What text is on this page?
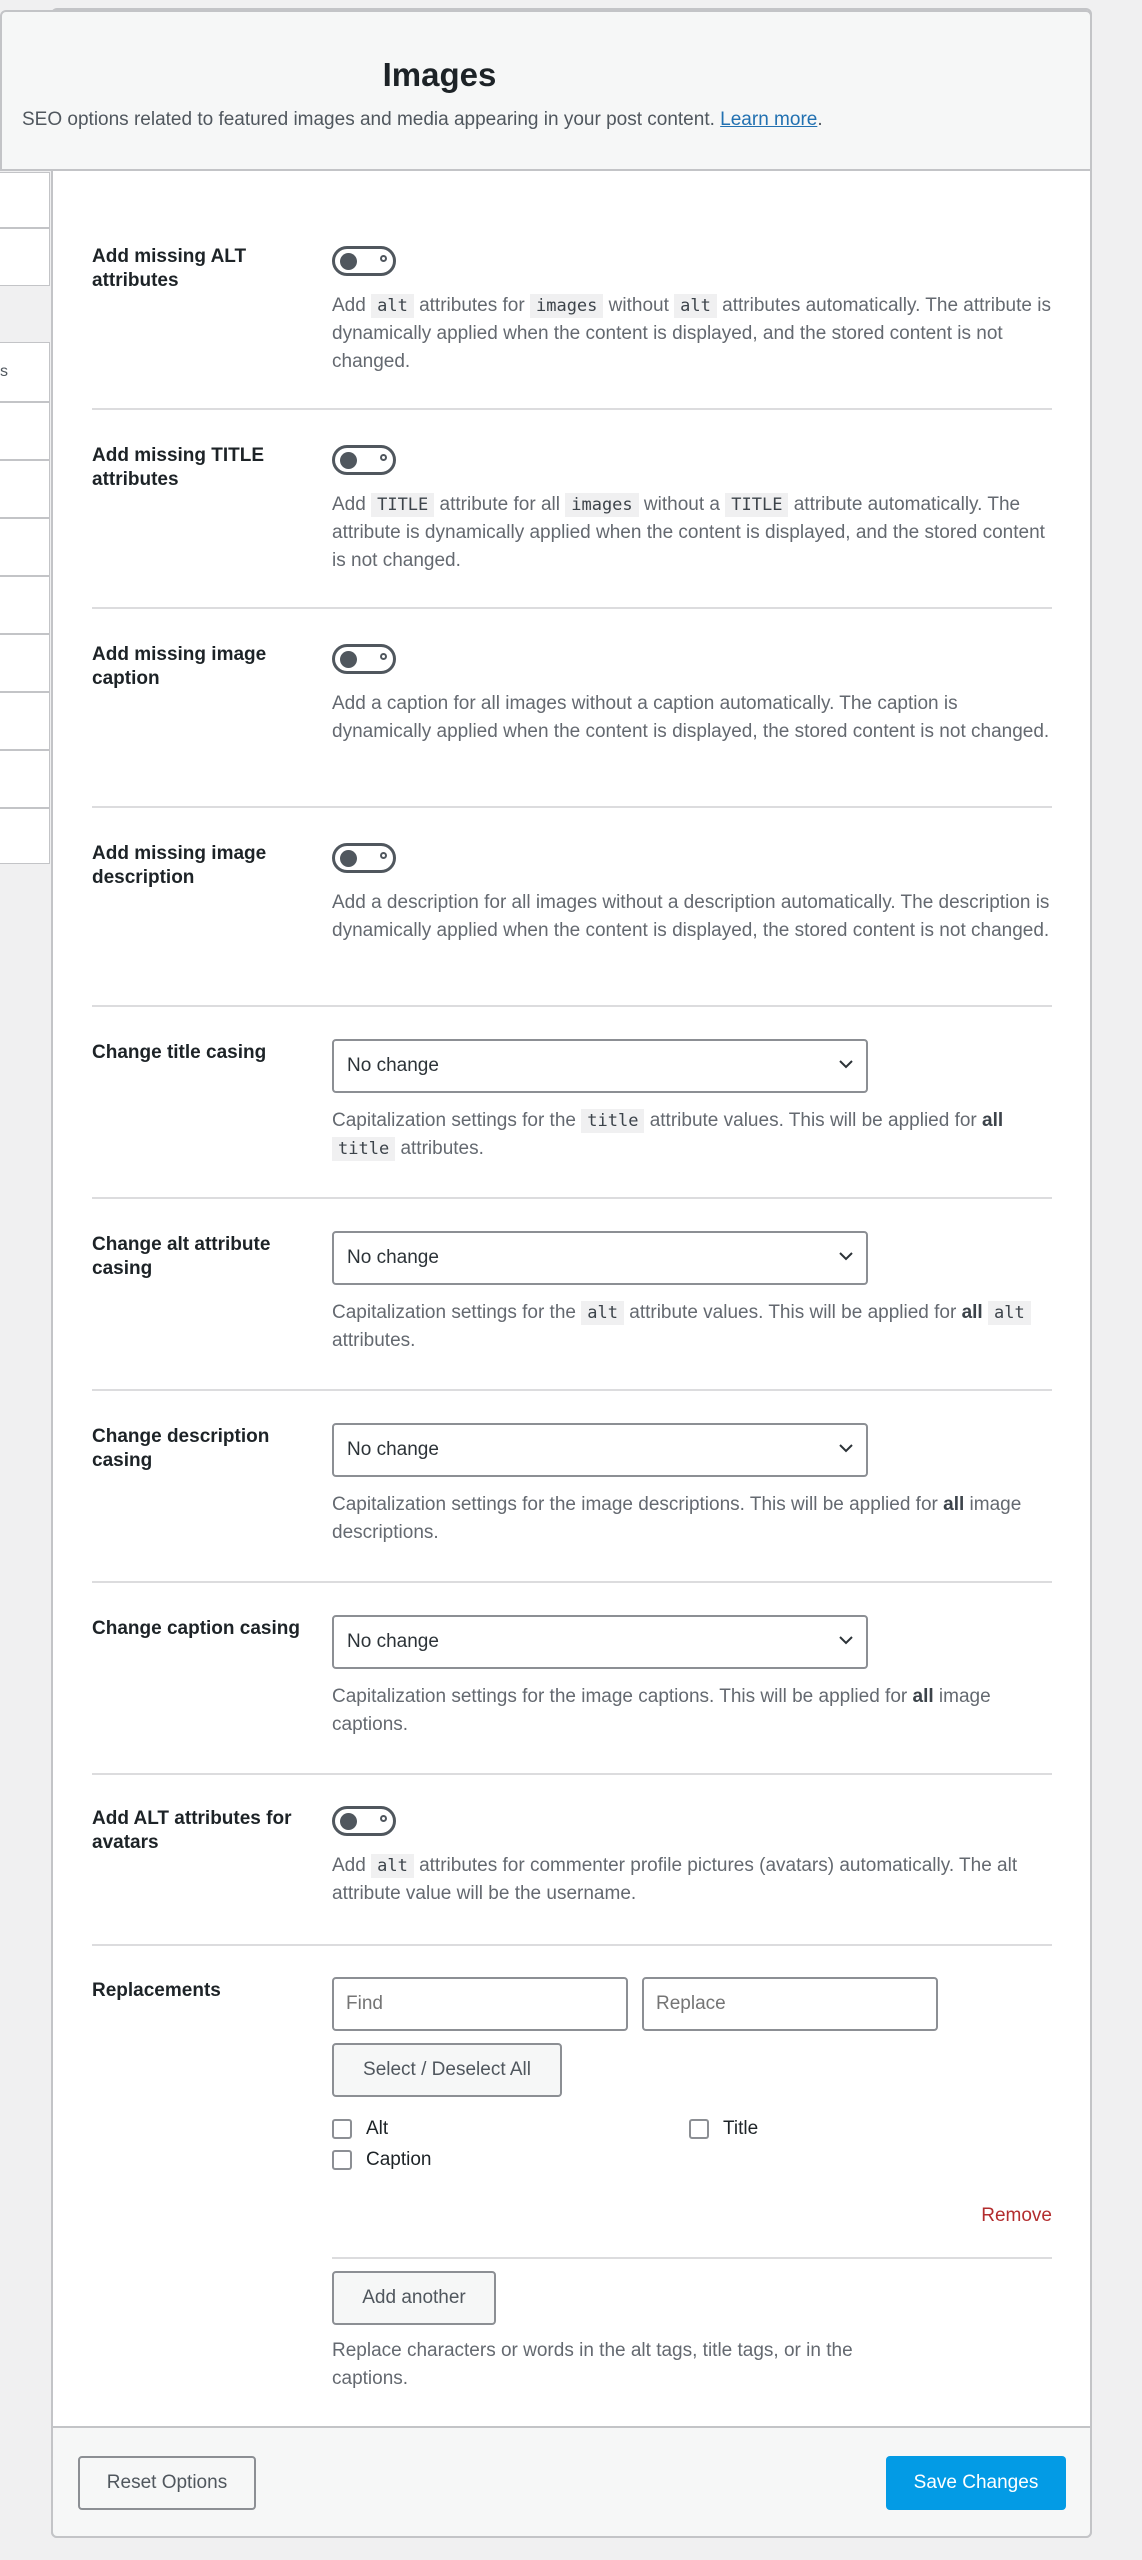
s
Images

SEO options related to featured images and media appearing in your post content. Learn more.

Add missing ALT attributes

Add alt attributes for images without alt attributes automatically. The attribute is dynamically applied when the content is displayed, and the stored content is not changed.

Add missing TITLE attributes

Add TITLE attribute for all images without a TITLE attribute automatically. The attribute is dynamically applied when the content is displayed, and the stored content is not changed.

Add missing image caption

Add a caption for all images without a caption automatically. The caption is dynamically applied when the content is displayed, the stored content is not changed.

Add missing image description

Add a description for all images without a description automatically. The description is dynamically applied when the content is displayed, the stored content is not changed.

Change title casing
No change

Capitalization settings for the title attribute values. This will be applied for all title attributes.

Change alt attribute casing
No change

Capitalization settings for the alt attribute values. This will be applied for all alt attributes.

Change description casing
No change

Capitalization settings for the image descriptions. This will be applied for all image descriptions.

Change caption casing
No change

Capitalization settings for the image captions. This will be applied for all image captions.

Add ALT attributes for avatars

Add alt attributes for commenter profile pictures (avatars) automatically. The alt attribute value will be the username.

Replacements
Find
Replace
Select / Deselect All
Alt	Title
Caption
Remove
Add another

Replace characters or words in the alt tags, title tags, or in the captions.

Reset Options	Save Changes
